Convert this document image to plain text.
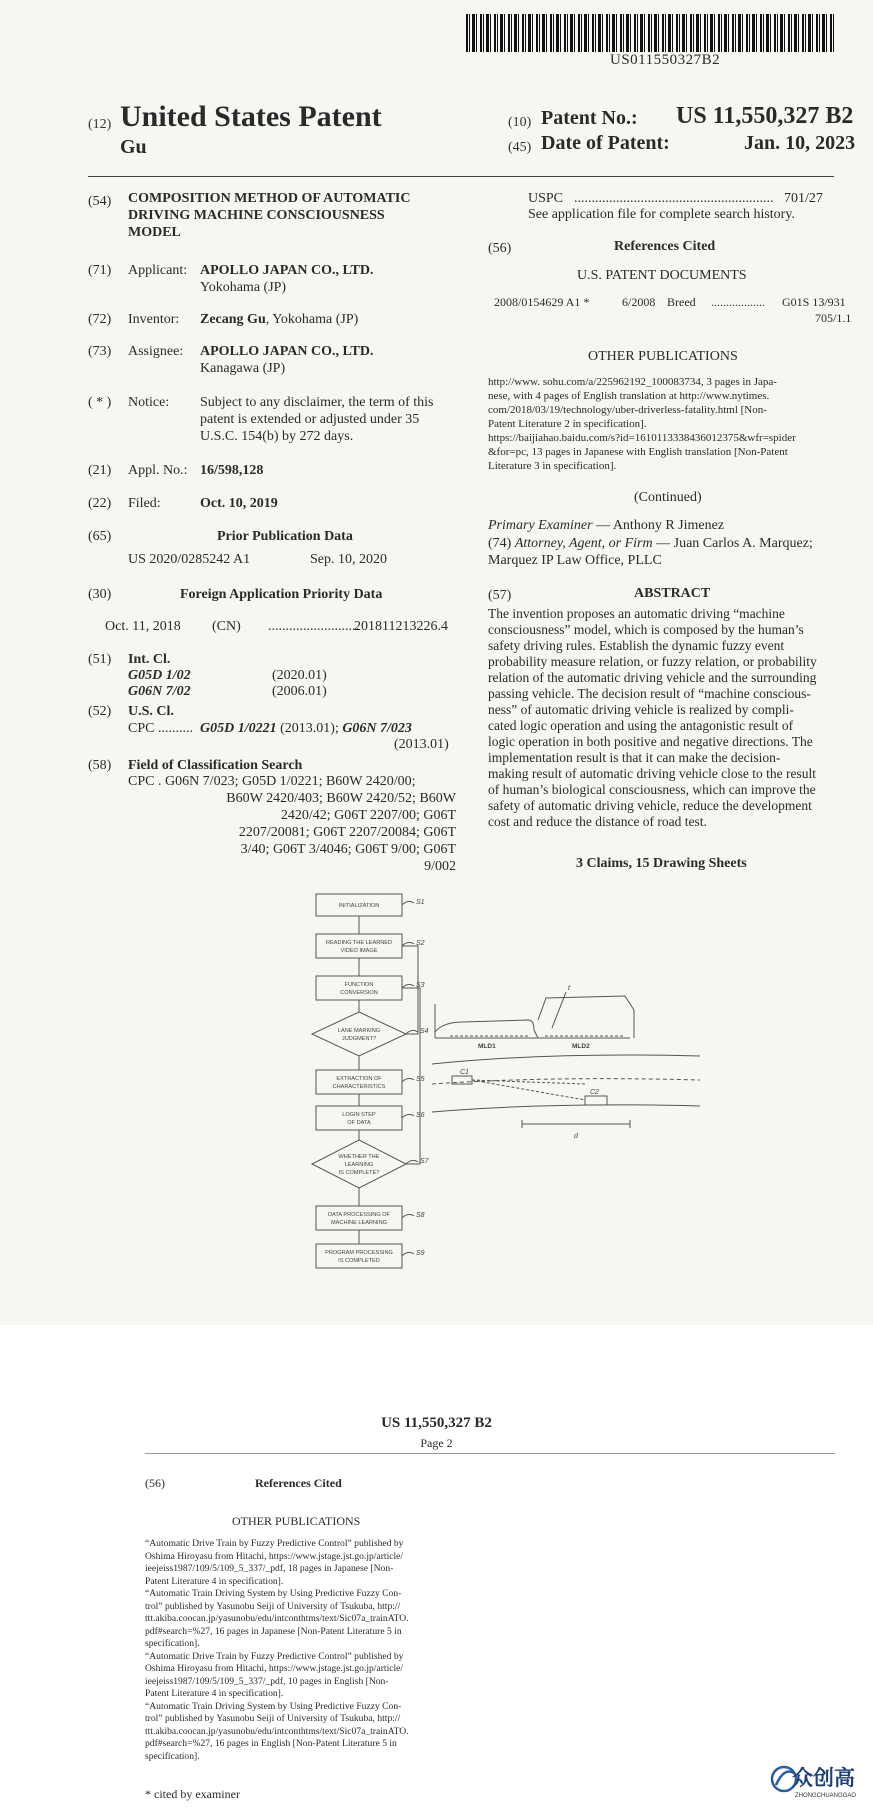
US011550327B2
(12) United States Patent
Gu
(10) Patent No.: US 11,550,327 B2
(45) Date of Patent:	Jan. 10, 2023
(54) COMPOSITION METHOD OF AUTOMATIC
DRIVING MACHINE CONSCIOUSNESS
MODEL
(71) Applicant: APOLLO JAPAN CO., LTD.
Yokohama (JP)
(72) Inventor: Zecang Gu, Yokohama (JP)
(73) Assignee: APOLLO JAPAN CO., LTD.
Kanagawa (JP)
( * ) Notice: Subject to any disclaimer, the term of this
patent is extended or adjusted under 35
U.S.C. 154(b) by 272 days.
(21) Appl. No.: 16/598,128
(22) Filed:	Oct. 10, 2019
(65)	Prior Publication Data
US 2020/0285242 A1	Sep. 10, 2020
(30)	Foreign Application Priority Data
Oct. 11, 2018 (CN) ..........................
201811213226.4
(51) Int. Cl.
G05D 1/02	(2020.01)
G06N 7/02	(2006.01)
(52) U.S. Cl.
CPC .......... G05D 1/0221 (2013.01); G06N 7/023
(2013.01)
(58) Field of Classification Search
CPC . G06N 7/023; G05D 1/0221; B60W 2420/00;
B60W 2420/403; B60W 2420/52; B60W
2420/42; G06T 2207/00; G06T
2207/20081; G06T 2207/20084; G06T
3/40; G06T 3/4046; G06T 9/00; G06T
9/002
USPC ......................................................... 701/27
See application file for complete search history.
(56)	References Cited
U.S. PATENT DOCUMENTS
2008/0154629 A1 *	6/2008 Breed .................. G01S 13/931
705/1.1
OTHER PUBLICATIONS
http://www. sohu.com/a/225962192_100083734, 3 pages in Japa-
nese, with 4 pages of English translation at http://www.nytimes.
com/2018/03/19/technology/uber-driverless-fatality.html [Non-
Patent Literature 2 in specification].
https://baijiahao.baidu.com/s?id=1610113338436012375&wfr=spider
&for=pc, 13 pages in Japanese with English translation [Non-Patent
Literature 3 in specification].
(Continued)
Primary Examiner — Anthony R Jimenez
(74) Attorney, Agent, or Firm — Juan Carlos A. Marquez;
Marquez IP Law Office, PLLC
(57)	ABSTRACT
The invention proposes an automatic driving “machine
consciousness” model, which is composed by the human’s
safety driving rules. Establish the dynamic fuzzy event
probability measure relation, or fuzzy relation, or probability
relation of the automatic driving vehicle and the surrounding
passing vehicle. The decision result of “machine conscious-
ness” of automatic driving vehicle is realized by compli-
cated logic operation and using the antagonistic result of
logic operation in both positive and negative directions. The
implementation result is that it can make the decision-
making result of automatic driving vehicle close to the result
of human’s biological consciousness, which can improve the
safety of automatic driving vehicle, reduce the development
cost and reduce the distance of road test.
3 Claims, 15 Drawing Sheets
INITIALIZATION
READING THE LEARNED
VIDEO IMAGE
FUNCTION
CONVERSION
LANE MARKING
JUDGMENT?
EXTRACTION OF
CHARACTERISTICS
LOGIN STEP
OF DATA
WHETHER THE
LEARNING
IS COMPLETE?
DATA PROCESSING OF
MACHINE LEARNING
PROGRAM PROCESSING
IS COMPLETED
S1
S2
S3
S4
S5
S6
S7
S8
S9
t
C1
C2
d
MLD1	MLD2
US 11,550,327 B2
Page 2
(56)	References Cited
OTHER PUBLICATIONS
“Automatic Drive Train by Fuzzy Predictive Control” published by
Oshima Hiroyasu from Hitachi, https://www.jstage.jst.go.jp/article/
ieejeiss1987/109/5/109_5_337/_pdf, 18 pages in Japanese [Non-
Patent Literature 4 in specification].
“Automatic Train Driving System by Using Predictive Fuzzy Con-
trol” published by Yasunobu Seiji of University of Tsukuba, http://
ttt.akiba.coocan.jp/yasunobu/edu/intconthtms/text/Sic07a_trainATO.
pdf#search=%27, 16 pages in Japanese [Non-Patent Literature 5 in
specification].
“Automatic Drive Train by Fuzzy Predictive Control” published by
Oshima Hiroyasu from Hitachi, https://www.jstage.jst.go.jp/article/
ieejeiss1987/109/5/109_5_337/_pdf, 10 pages in English [Non-
Patent Literature 4 in specification].
“Automatic Train Driving System by Using Predictive Fuzzy Con-
trol” published by Yasunobu Seiji of University of Tsukuba, http://
ttt.akiba.coocan.jp/yasunobu/edu/intconthtms/text/Sic07a_trainATO.
pdf#search=%27, 16 pages in English [Non-Patent Literature 5 in
specification].
* cited by examiner
众创高
ZHONGCHUANGGAO
